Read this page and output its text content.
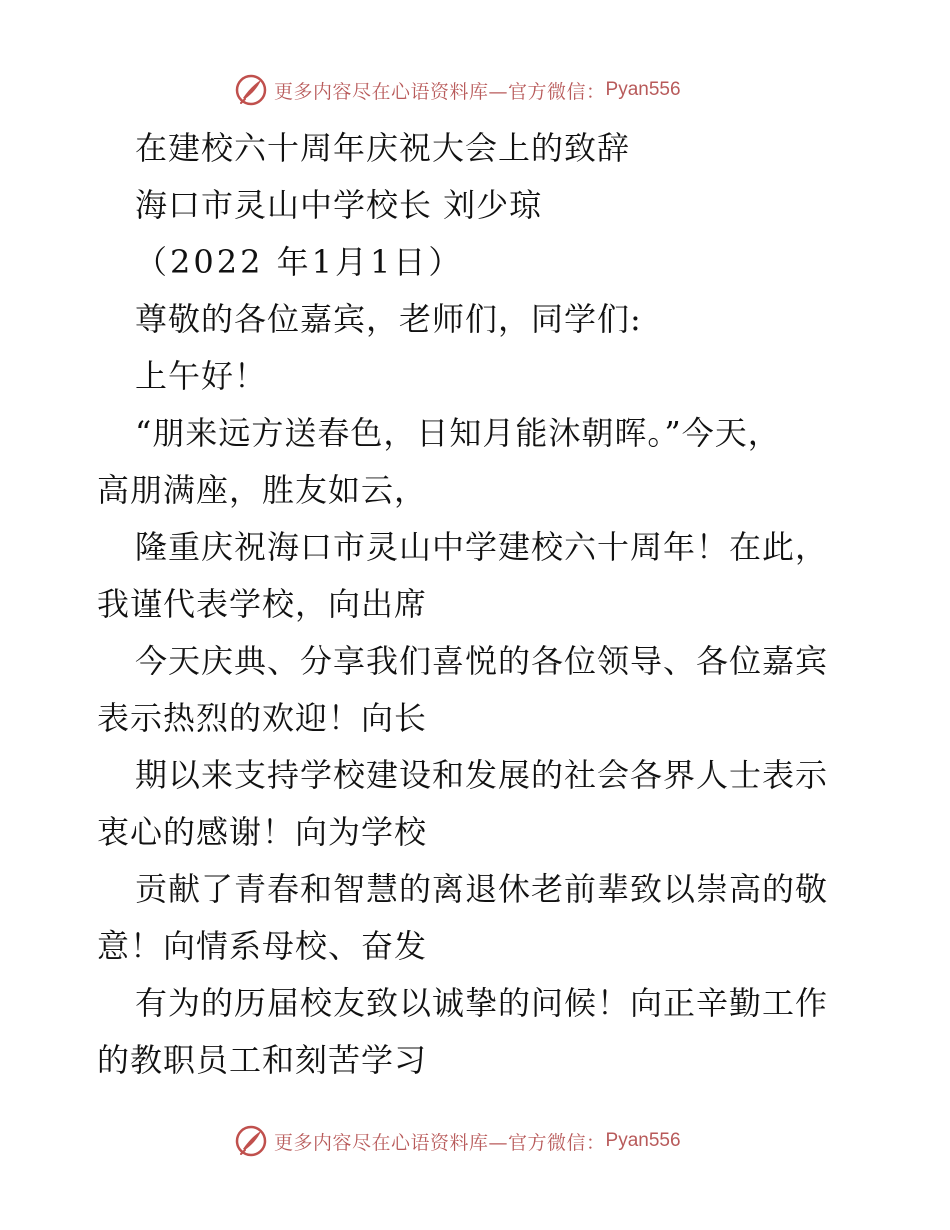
更多内容尽在心语资料库—官方微信： Pyan556
在建校六十周年庆祝大会上的致辞
海口市灵山中学校长 刘少琼
（2022 年1月1日）
尊敬的各位嘉宾，老师们，同学们:
上午好！
“朋来远方送春色，日知月能沐朝晖。”今天，
高朋满座，胜友如云，
隆重庆祝海口市灵山中学建校六十周年！在此，
我谨代表学校，向出席
今天庆典、分享我们喜悦的各位领导、各位嘉宾
表示热烈的欢迎！向长
期以来支持学校建设和发展的社会各界人士表示
衷心的感谢！向为学校
贡献了青春和智慧的离退休老前辈致以崇高的敬
意！向情系母校、奋发
有为的历届校友致以诚挚的问候！向正辛勤工作
的教职员工和刻苦学习
更多内容尽在心语资料库—官方微信： Pyan556
